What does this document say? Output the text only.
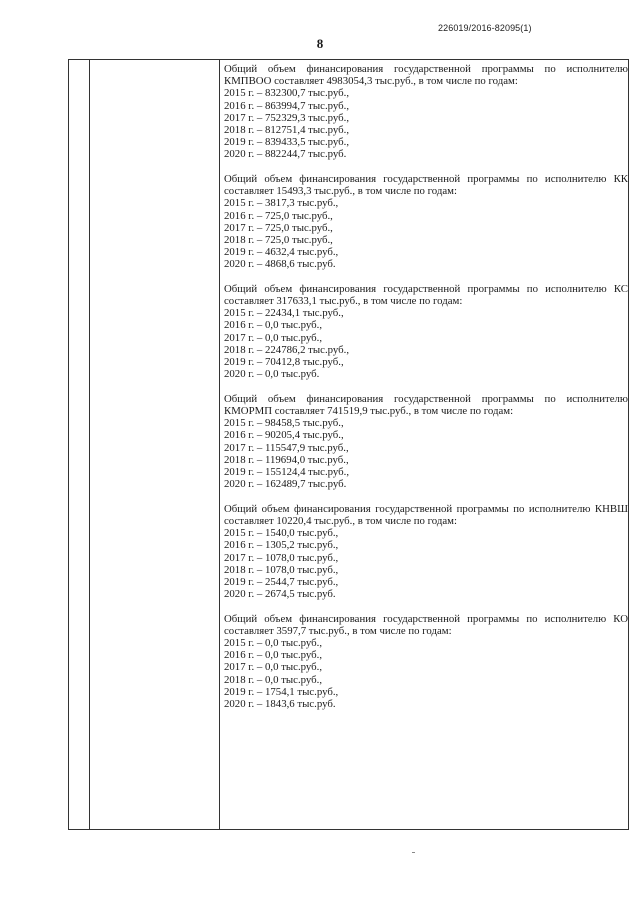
226019/2016-82095(1)
8
Общий объем финансирования государственной программы по исполнителю КМПВОО составляет 4983054,3 тыс.руб., в том числе по годам:
2015 г. – 832300,7 тыс.руб.,
2016 г. – 863994,7 тыс.руб.,
2017 г. – 752329,3 тыс.руб.,
2018 г. – 812751,4 тыс.руб.,
2019 г. – 839433,5 тыс.руб.,
2020 г. – 882244,7 тыс.руб.
Общий объем финансирования государственной программы по исполнителю КК составляет 15493,3 тыс.руб., в том числе по годам:
2015 г. – 3817,3 тыс.руб.,
2016 г. – 725,0 тыс.руб.,
2017 г. – 725,0 тыс.руб.,
2018 г. – 725,0 тыс.руб.,
2019 г. – 4632,4 тыс.руб.,
2020 г. – 4868,6 тыс.руб.
Общий объем финансирования государственной программы по исполнителю КС составляет 317633,1 тыс.руб., в том числе по годам:
2015 г. – 22434,1 тыс.руб.,
2016 г. – 0,0 тыс.руб.,
2017 г. – 0,0 тыс.руб.,
2018 г. – 224786,2 тыс.руб.,
2019 г. – 70412,8 тыс.руб.,
2020 г. – 0,0 тыс.руб.
Общий объем финансирования государственной программы по исполнителю КМОРМП составляет 741519,9 тыс.руб., в том числе по годам:
2015 г. – 98458,5 тыс.руб.,
2016 г. – 90205,4 тыс.руб.,
2017 г. – 115547,9 тыс.руб.,
2018 г. – 119694,0 тыс.руб.,
2019 г. – 155124,4 тыс.руб.,
2020 г. – 162489,7 тыс.руб.
Общий объем финансирования государственной программы по исполнителю КНВШ составляет 10220,4 тыс.руб., в том числе по годам:
2015 г. – 1540,0 тыс.руб.,
2016 г. – 1305,2 тыс.руб.,
2017 г. – 1078,0 тыс.руб.,
2018 г. – 1078,0 тыс.руб.,
2019 г. – 2544,7 тыс.руб.,
2020 г. – 2674,5 тыс.руб.
Общий объем финансирования государственной программы по исполнителю КО составляет 3597,7 тыс.руб., в том числе по годам:
2015 г. – 0,0 тыс.руб.,
2016 г. – 0,0 тыс.руб.,
2017 г. – 0,0 тыс.руб.,
2018 г. – 0,0 тыс.руб.,
2019 г. – 1754,1 тыс.руб.,
2020 г. – 1843,6 тыс.руб.
